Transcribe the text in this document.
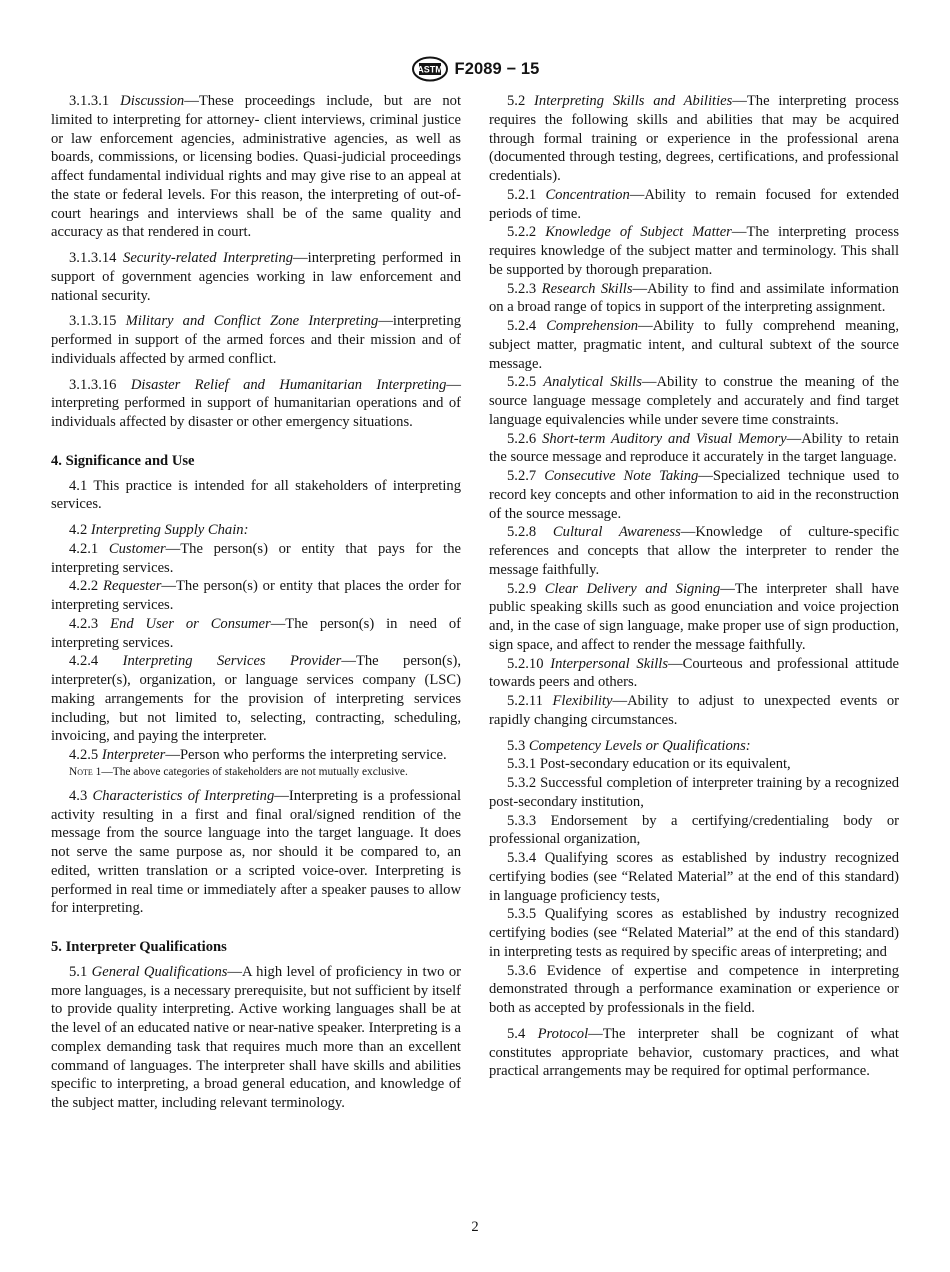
ASTM F2089 − 15

3.1.3.1 Discussion—These proceedings include, but are not limited to interpreting for attorney- client interviews, criminal justice or law enforcement agencies, administrative agencies, as well as boards, commissions, or licensing bodies. Quasi-judicial proceedings affect fundamental individual rights and may give rise to an appeal at the state or federal levels. For this reason, the interpreting of out-of-court hearings and interviews shall be of the same quality and accuracy as that rendered in court.

3.1.3.14 Security-related Interpreting—interpreting performed in support of government agencies working in law enforcement and national security.

3.1.3.15 Military and Conflict Zone Interpreting—interpreting performed in support of the armed forces and their mission and of individuals affected by armed conflict.

3.1.3.16 Disaster Relief and Humanitarian Interpreting—interpreting performed in support of humanitarian operations and of individuals affected by disaster or other emergency situations.

4. Significance and Use

4.1 This practice is intended for all stakeholders of interpreting services.

4.2 Interpreting Supply Chain:

4.2.1 Customer—The person(s) or entity that pays for the interpreting services.

4.2.2 Requester—The person(s) or entity that places the order for interpreting services.

4.2.3 End User or Consumer—The person(s) in need of interpreting services.

4.2.4 Interpreting Services Provider—The person(s), interpreter(s), organization, or language services company (LSC) making arrangements for the provision of interpreting services including, but not limited to, selecting, contracting, scheduling, invoicing, and paying the interpreter.

4.2.5 Interpreter—Person who performs the interpreting service.

Note 1—The above categories of stakeholders are not mutually exclusive.

4.3 Characteristics of Interpreting—Interpreting is a professional activity resulting in a first and final oral/signed rendition of the message from the source language into the target language. It does not serve the same purpose as, nor should it be compared to, an edited, written translation or a scripted voice-over. Interpreting is performed in real time or immediately after a speaker pauses to allow for interpreting.

5. Interpreter Qualifications

5.1 General Qualifications—A high level of proficiency in two or more languages, is a necessary prerequisite, but not sufficient by itself to provide quality interpreting. Active working languages shall be at the level of an educated native or near-native speaker. Interpreting is a complex demanding task that requires much more than an excellent command of languages. The interpreter shall have skills and abilities specific to interpreting, a broad general education, and knowledge of the subject matter, including relevant terminology.

5.2 Interpreting Skills and Abilities—The interpreting process requires the following skills and abilities that may be acquired through formal training or experience in the professional arena (documented through testing, degrees, certifications, and professional credentials).

5.2.1 Concentration—Ability to remain focused for extended periods of time.

5.2.2 Knowledge of Subject Matter—The interpreting process requires knowledge of the subject matter and terminology. This shall be supported by thorough preparation.

5.2.3 Research Skills—Ability to find and assimilate information on a broad range of topics in support of the interpreting assignment.

5.2.4 Comprehension—Ability to fully comprehend meaning, subject matter, pragmatic intent, and cultural subtext of the source message.

5.2.5 Analytical Skills—Ability to construe the meaning of the source language message completely and accurately and find target language equivalencies while under severe time constraints.

5.2.6 Short-term Auditory and Visual Memory—Ability to retain the source message and reproduce it accurately in the target language.

5.2.7 Consecutive Note Taking—Specialized technique used to record key concepts and other information to aid in the reconstruction of the source message.

5.2.8 Cultural Awareness—Knowledge of culture-specific references and concepts that allow the interpreter to render the message faithfully.

5.2.9 Clear Delivery and Signing—The interpreter shall have public speaking skills such as good enunciation and voice projection and, in the case of sign language, make proper use of sign production, sign space, and affect to render the message faithfully.

5.2.10 Interpersonal Skills—Courteous and professional attitude towards peers and others.

5.2.11 Flexibility—Ability to adjust to unexpected events or rapidly changing circumstances.

5.3 Competency Levels or Qualifications:

5.3.1 Post-secondary education or its equivalent,

5.3.2 Successful completion of interpreter training by a recognized post-secondary institution,

5.3.3 Endorsement by a certifying/credentialing body or professional organization,

5.3.4 Qualifying scores as established by industry recognized certifying bodies (see “Related Material” at the end of this standard) in language proficiency tests,

5.3.5 Qualifying scores as established by industry recognized certifying bodies (see “Related Material” at the end of this standard) in interpreting tests as required by specific areas of interpreting; and

5.3.6 Evidence of expertise and competence in interpreting demonstrated through a performance examination or experience or both as accepted by professionals in the field.

5.4 Protocol—The interpreter shall be cognizant of what constitutes appropriate behavior, customary practices, and what practical arrangements may be required for optimal performance.

2
